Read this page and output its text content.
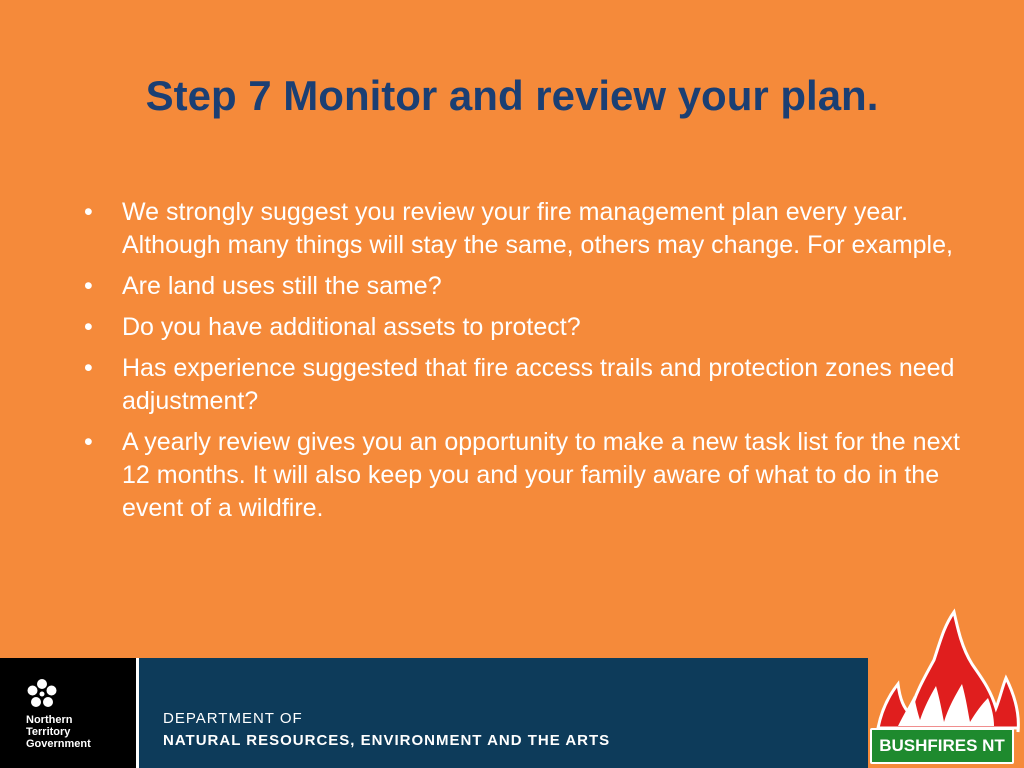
Step 7 Monitor and review your plan.
• We strongly suggest you review your fire management plan every year. Although many things will stay the same, others may change. For example,
• Are land uses still the same?
• Do you have additional assets to protect?
• Has experience suggested that fire access trails and protection zones need adjustment?
• A yearly review gives you an opportunity to make a new task list for the next 12 months. It will also keep you and your family aware of what to do in the event of a wildfire.
Northern
Territory
Government
DEPARTMENT OF
NATURAL RESOURCES, ENVIRONMENT AND THE ARTS	BUSHFIRES NT
